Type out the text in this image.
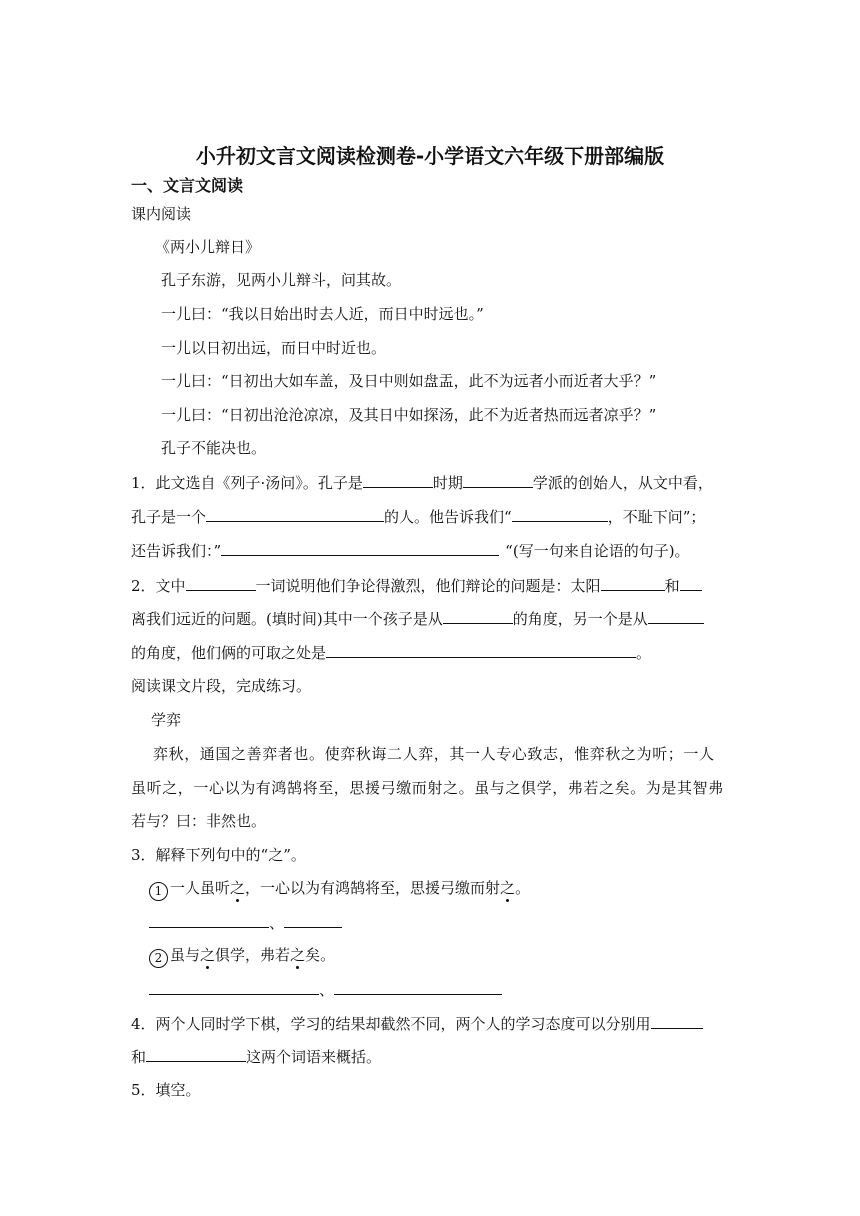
小升初文言文阅读检测卷-小学语文六年级下册部编版
一、文言文阅读
课内阅读
《两小儿辩日》
孔子东游，见两小儿辩斗，问其故。
一儿曰：“我以日始出时去人近，而日中时远也。”
一儿以日初出远，而日中时近也。
一儿曰：“日初出大如车盖，及日中则如盘盂，此不为远者小而近者大乎？”
一儿曰：“日初出沧沧凉凉，及其日中如探汤，此不为近者热而远者凉乎？”
孔子不能决也。
1．此文选自《列子·汤问》。孔子是	时期	学派的创始人，从文中看，
孔子是一个	的人。他告诉我们“	，不耻下问”；
还告诉我们：”	“(写一句来自论语的句子)。
2．文中	一词说明他们争论得激烈，他们辩论的问题是：太阳	和
离我们远近的问题。(填时间)其中一个孩子是从	的角度，另一个是从
的角度，他们俩的可取之处是	。
阅读课文片段，完成练习。
学弈
弈秋，通国之善弈者也。使弈秋诲二人弈，其一人专心致志，惟弈秋之为听；一人
虽听之，一心以为有鸿鹄将至，思援弓缴而射之。虽与之俱学，弗若之矣。为是其智弗
若与？曰：非然也。
3．解释下列句中的“之”。
1 一人虽听之，一心以为有鸿鹄将至，思援弓缴而射之。
、
2 虽与之俱学，弗若之矣。
、
4．两个人同时学下棋，学习的结果却截然不同，两个人的学习态度可以分别用
和	这两个词语来概括。
5．填空。
